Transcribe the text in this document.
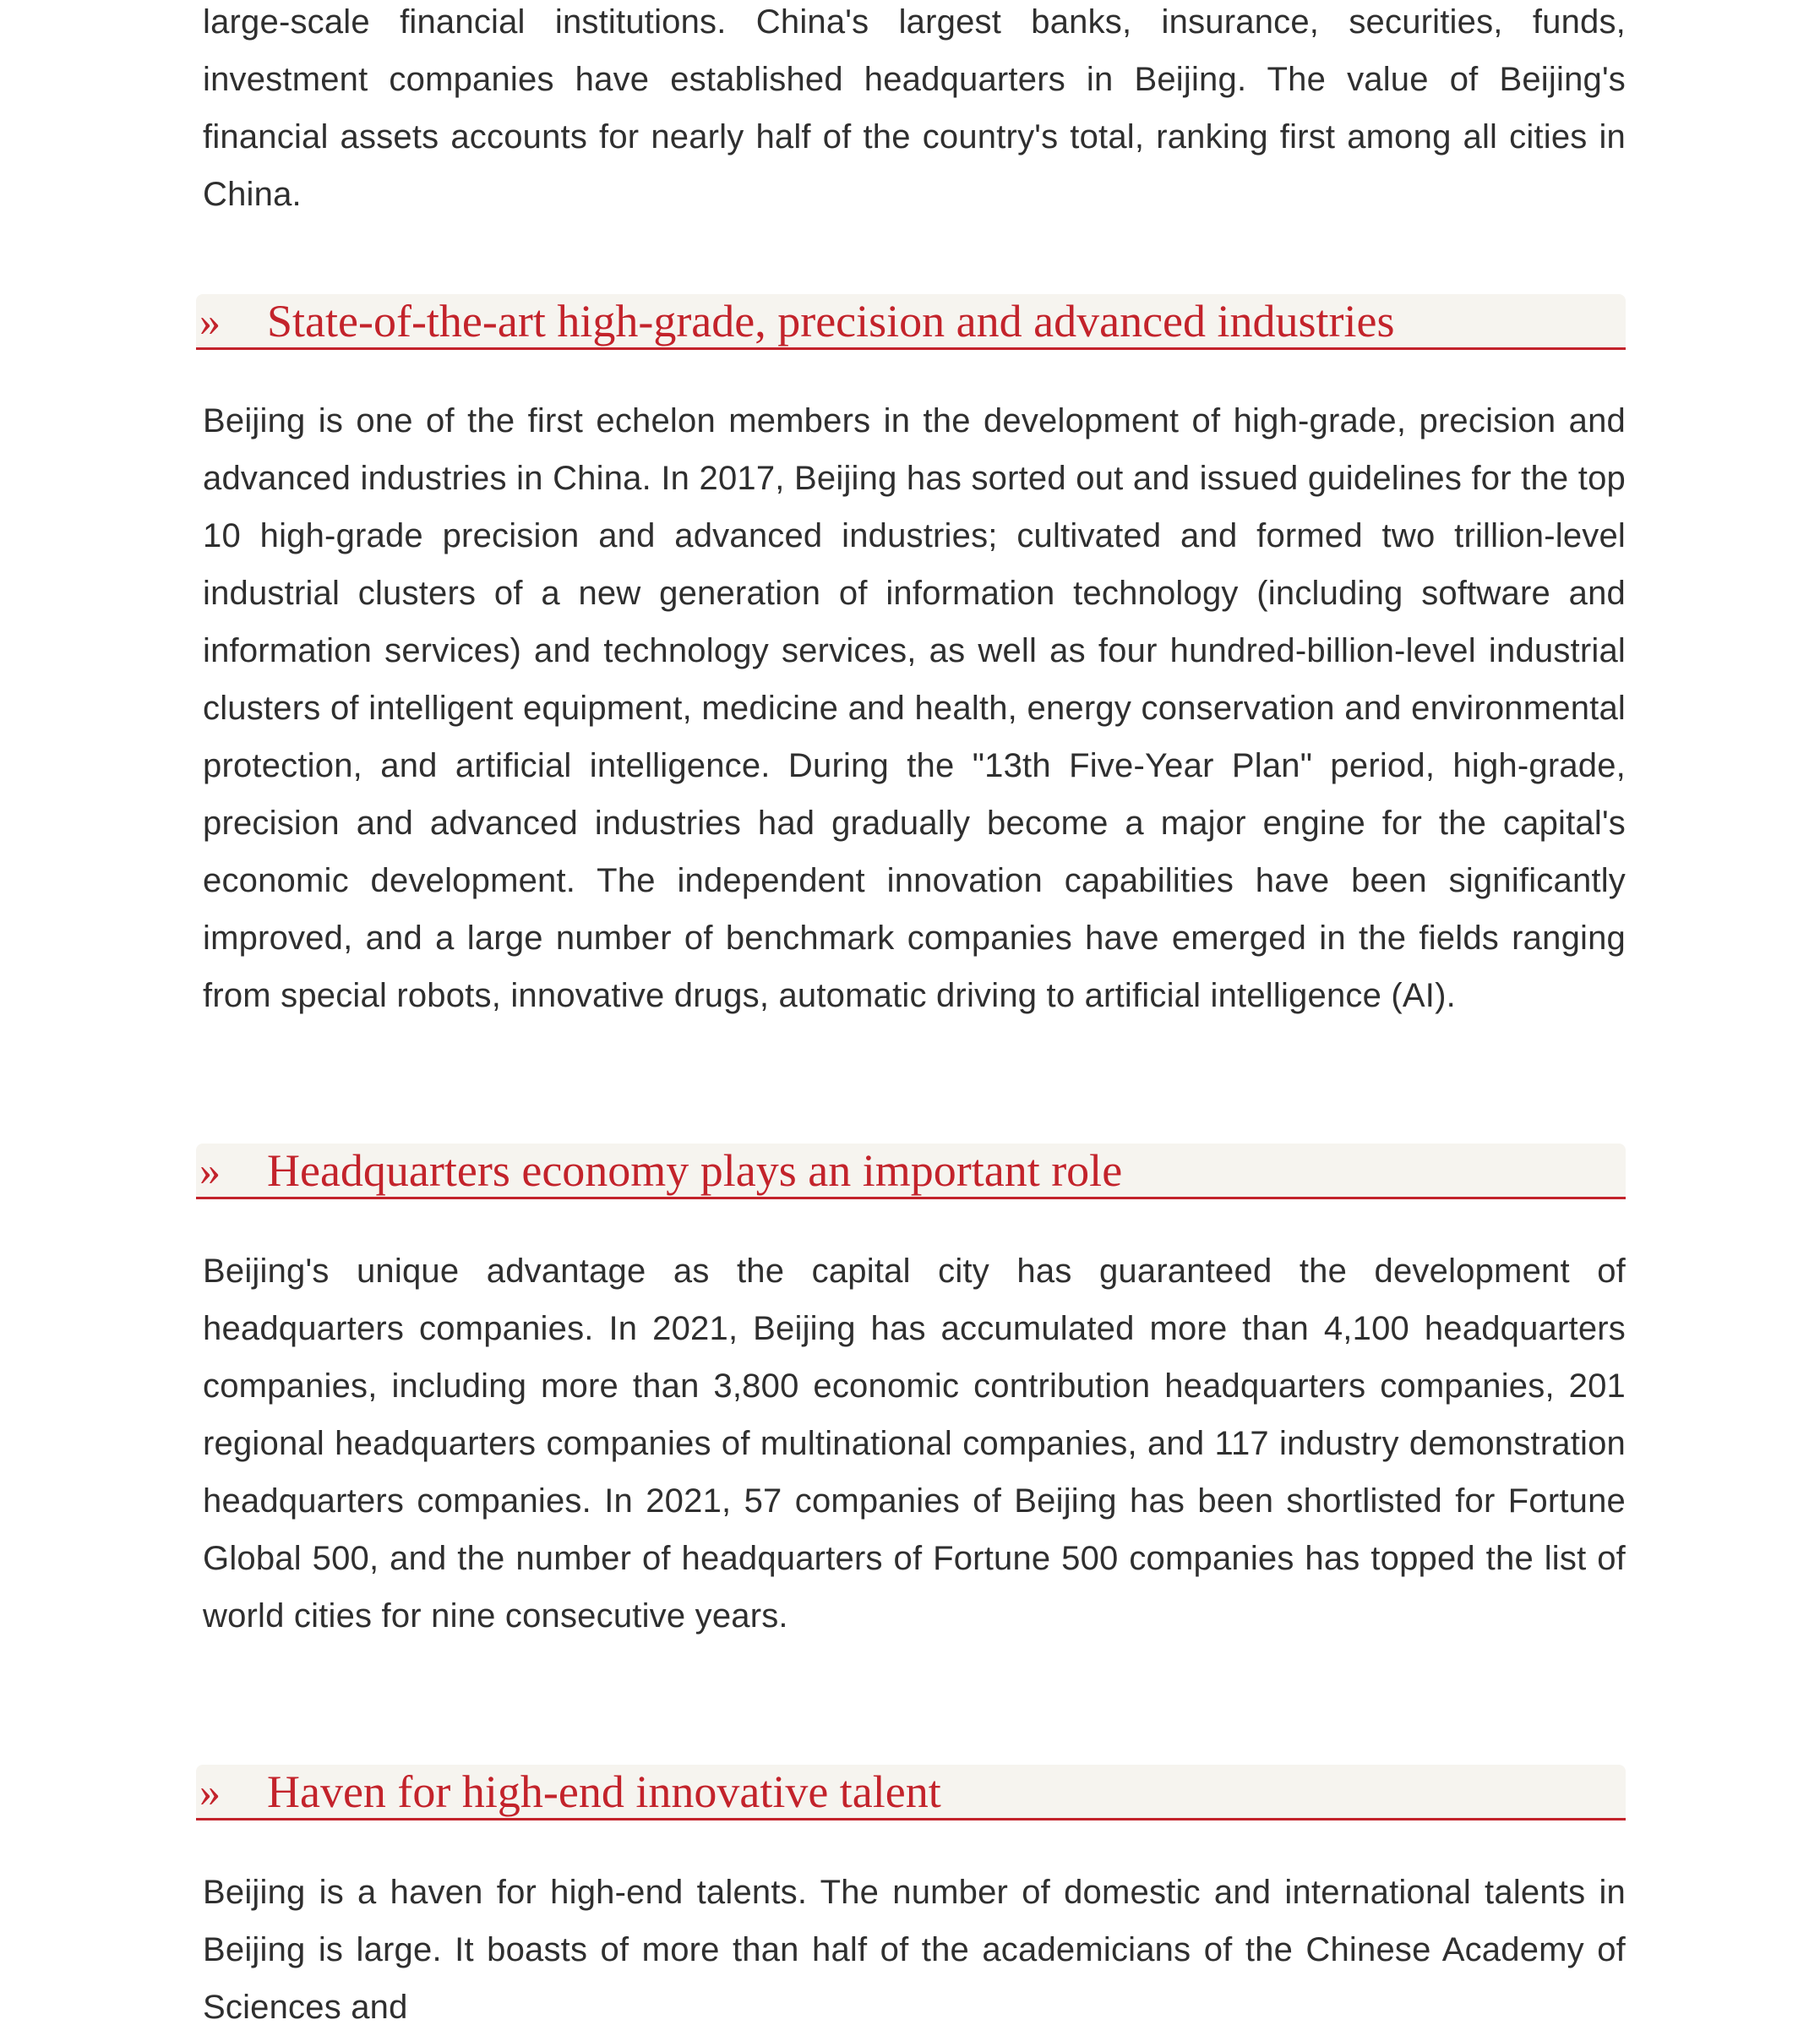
large-scale financial institutions. China's largest banks, insurance, securities, funds, investment companies have established headquarters in Beijing. The value of Beijing's financial assets accounts for nearly half of the country's total, ranking first among all cities in China.

» State-of-the-art high-grade, precision and advanced industries

Beijing is one of the first echelon members in the development of high-grade, precision and advanced industries in China. In 2017, Beijing has sorted out and issued guidelines for the top 10 high-grade precision and advanced industries; cultivated and formed two trillion-level industrial clusters of a new generation of information technology (including software and information services) and technology services, as well as four hundred-billion-level industrial clusters of intelligent equipment, medicine and health, energy conservation and environmental protection, and artificial intelligence. During the "13th Five-Year Plan" period, high-grade, precision and advanced industries had gradually become a major engine for the capital's economic development. The independent innovation capabilities have been significantly improved, and a large number of benchmark companies have emerged in the fields ranging from special robots, innovative drugs, automatic driving to artificial intelligence (AI).

» Headquarters economy plays an important role

Beijing's unique advantage as the capital city has guaranteed the development of headquarters companies. In 2021, Beijing has accumulated more than 4,100 headquarters companies, including more than 3,800 economic contribution headquarters companies, 201 regional headquarters companies of multinational companies, and 117 industry demonstration headquarters companies. In 2021, 57 companies of Beijing has been shortlisted for Fortune Global 500, and the number of headquarters of Fortune 500 companies has topped the list of world cities for nine consecutive years.

» Haven for high-end innovative talent

Beijing is a haven for high-end talents. The number of domestic and international talents in Beijing is large. It boasts of more than half of the academicians of the Chinese Academy of Sciences and
